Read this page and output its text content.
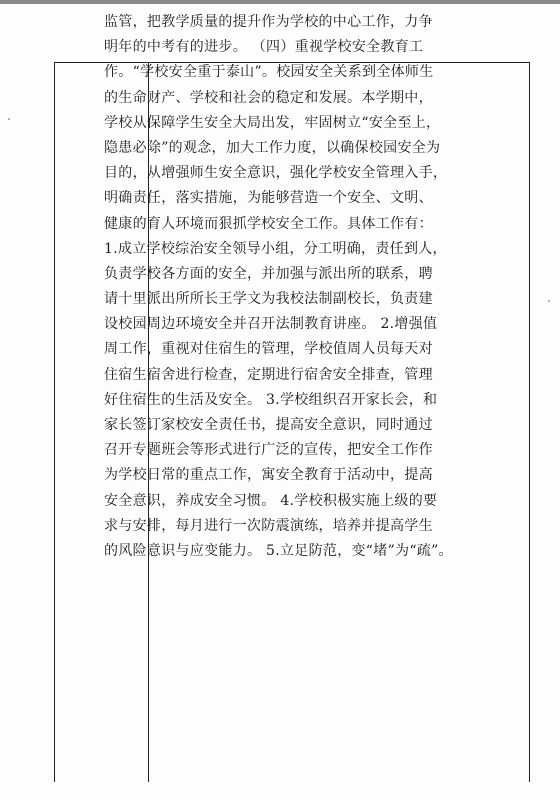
监管，把教学质量的提升作为学校的中心工作，力争
明年的中考有的进步。 （四）重视学校安全教育工
作。“学校安全重于泰山”。校园安全关系到全体师生
的生命财产、学校和社会的稳定和发展。本学期中，
学校从保障学生安全大局出发，牢固树立“安全至上，
隐患必除”的观念，加大工作力度，以确保校园安全为
目的，从增强师生安全意识，强化学校安全管理入手，
明确责任，落实措施，为能够营造一个安全、文明、
健康的育人环境而狠抓学校安全工作。具体工作有：
1.成立学校综治安全领导小组，分工明确，责任到人，
负责学校各方面的安全，并加强与派出所的联系，聘
请十里派出所所长王学文为我校法制副校长，负责建
设校园周边环境安全并召开法制教育讲座。 2.增强值
周工作，重视对住宿生的管理，学校值周人员每天对
住宿生宿舍进行检查，定期进行宿舍安全排查，管理
好住宿生的生活及安全。 3.学校组织召开家长会，和
家长签订家校安全责任书，提高安全意识，同时通过
召开专题班会等形式进行广泛的宣传，把安全工作作
为学校日常的重点工作，寓安全教育于活动中，提高
安全意识，养成安全习惯。 4.学校积极实施上级的要
求与安排，每月进行一次防震演练，培养并提高学生
的风险意识与应变能力。 5.立足防范，变“堵”为“疏”。
